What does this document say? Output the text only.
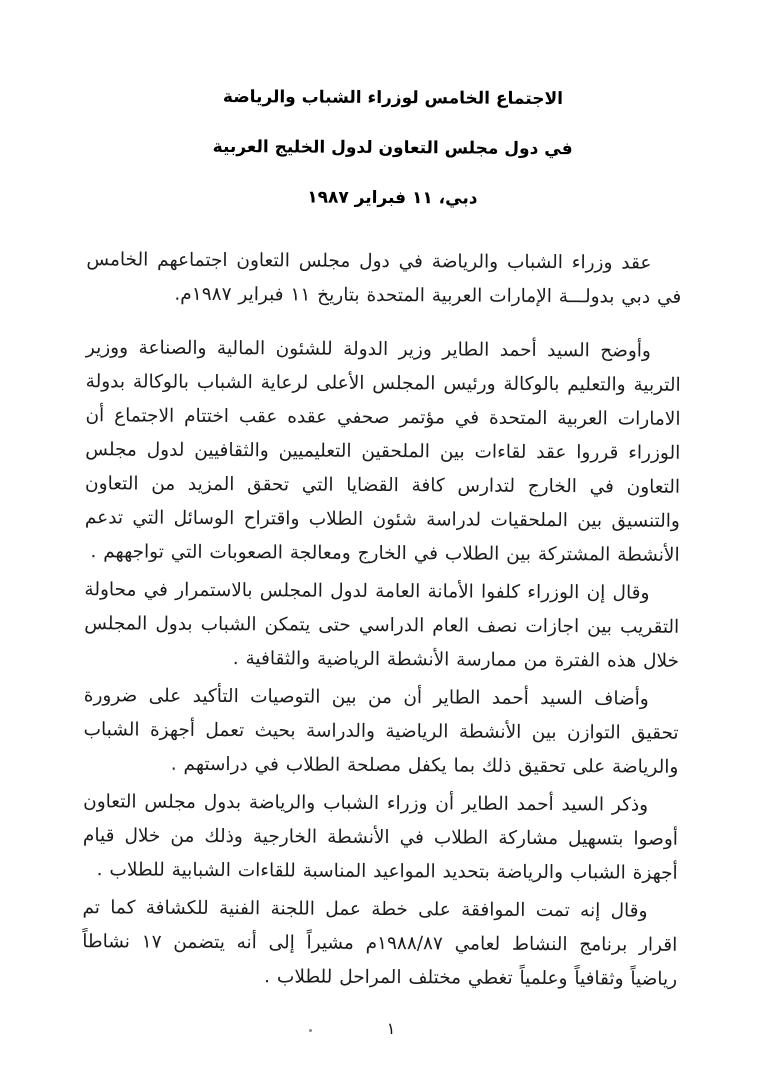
الاجتماع الخامس لوزراء الشباب والرياضة
في دول مجلس التعاون لدول الخليج العربية
دبي، ١١ فبراير ١٩٨٧

عقد وزراء الشباب والرياضة في دول مجلس التعاون اجتماعهم الخامس في دبي بدولـــة الإمارات العربية المتحدة بتاريخ ١١ فبراير ١٩٨٧م.

وأوضح السيد أحمد الطاير وزير الدولة للشئون المالية والصناعة ووزير التربية والتعليم بالوكالة ورئيس المجلس الأعلى لرعاية الشباب بالوكالة بدولة الامارات العربية المتحدة في مؤتمر صحفي عقده عقب اختتام الاجتماع أن الوزراء قرروا عقد لقاءات بين الملحقين التعليميين والثقافيين لدول مجلس التعاون في الخارج لتدارس كافة القضايا التي تحقق المزيد من التعاون والتنسيق بين الملحقيات لدراسة شئون الطلاب واقتراح الوسائل التي تدعم الأنشطة المشتركة بين الطلاب في الخارج ومعالجة الصعوبات التي تواجههم .

وقال إن الوزراء كلفوا الأمانة العامة لدول المجلس بالاستمرار في محاولة التقريب بين اجازات نصف العام الدراسي حتى يتمكن الشباب بدول المجلس خلال هذه الفترة من ممارسة الأنشطة الرياضية والثقافية .

وأضاف السيد أحمد الطاير أن من بين التوصيات التأكيد على ضرورة تحقيق التوازن بين الأنشطة الرياضية والدراسة بحيث تعمل أجهزة الشباب والرياضة على تحقيق ذلك بما يكفل مصلحة الطلاب في دراستهم .

وذكر السيد أحمد الطاير أن وزراء الشباب والرياضة بدول مجلس التعاون أوصوا بتسهيل مشاركة الطلاب في الأنشطة الخارجية وذلك من خلال قيام أجهزة الشباب والرياضة بتحديد المواعيد المناسبة للقاءات الشبابية للطلاب .

وقال إنه تمت الموافقة على خطة عمل اللجنة الفنية للكشافة كما تم اقرار برنامج النشاط لعامي ١٩٨٨/٨٧م مشيراً إلى أنه يتضمن ١٧ نشاطاً رياضياً وثقافياً وعلمياً تغطي مختلف المراحل للطلاب .

١
